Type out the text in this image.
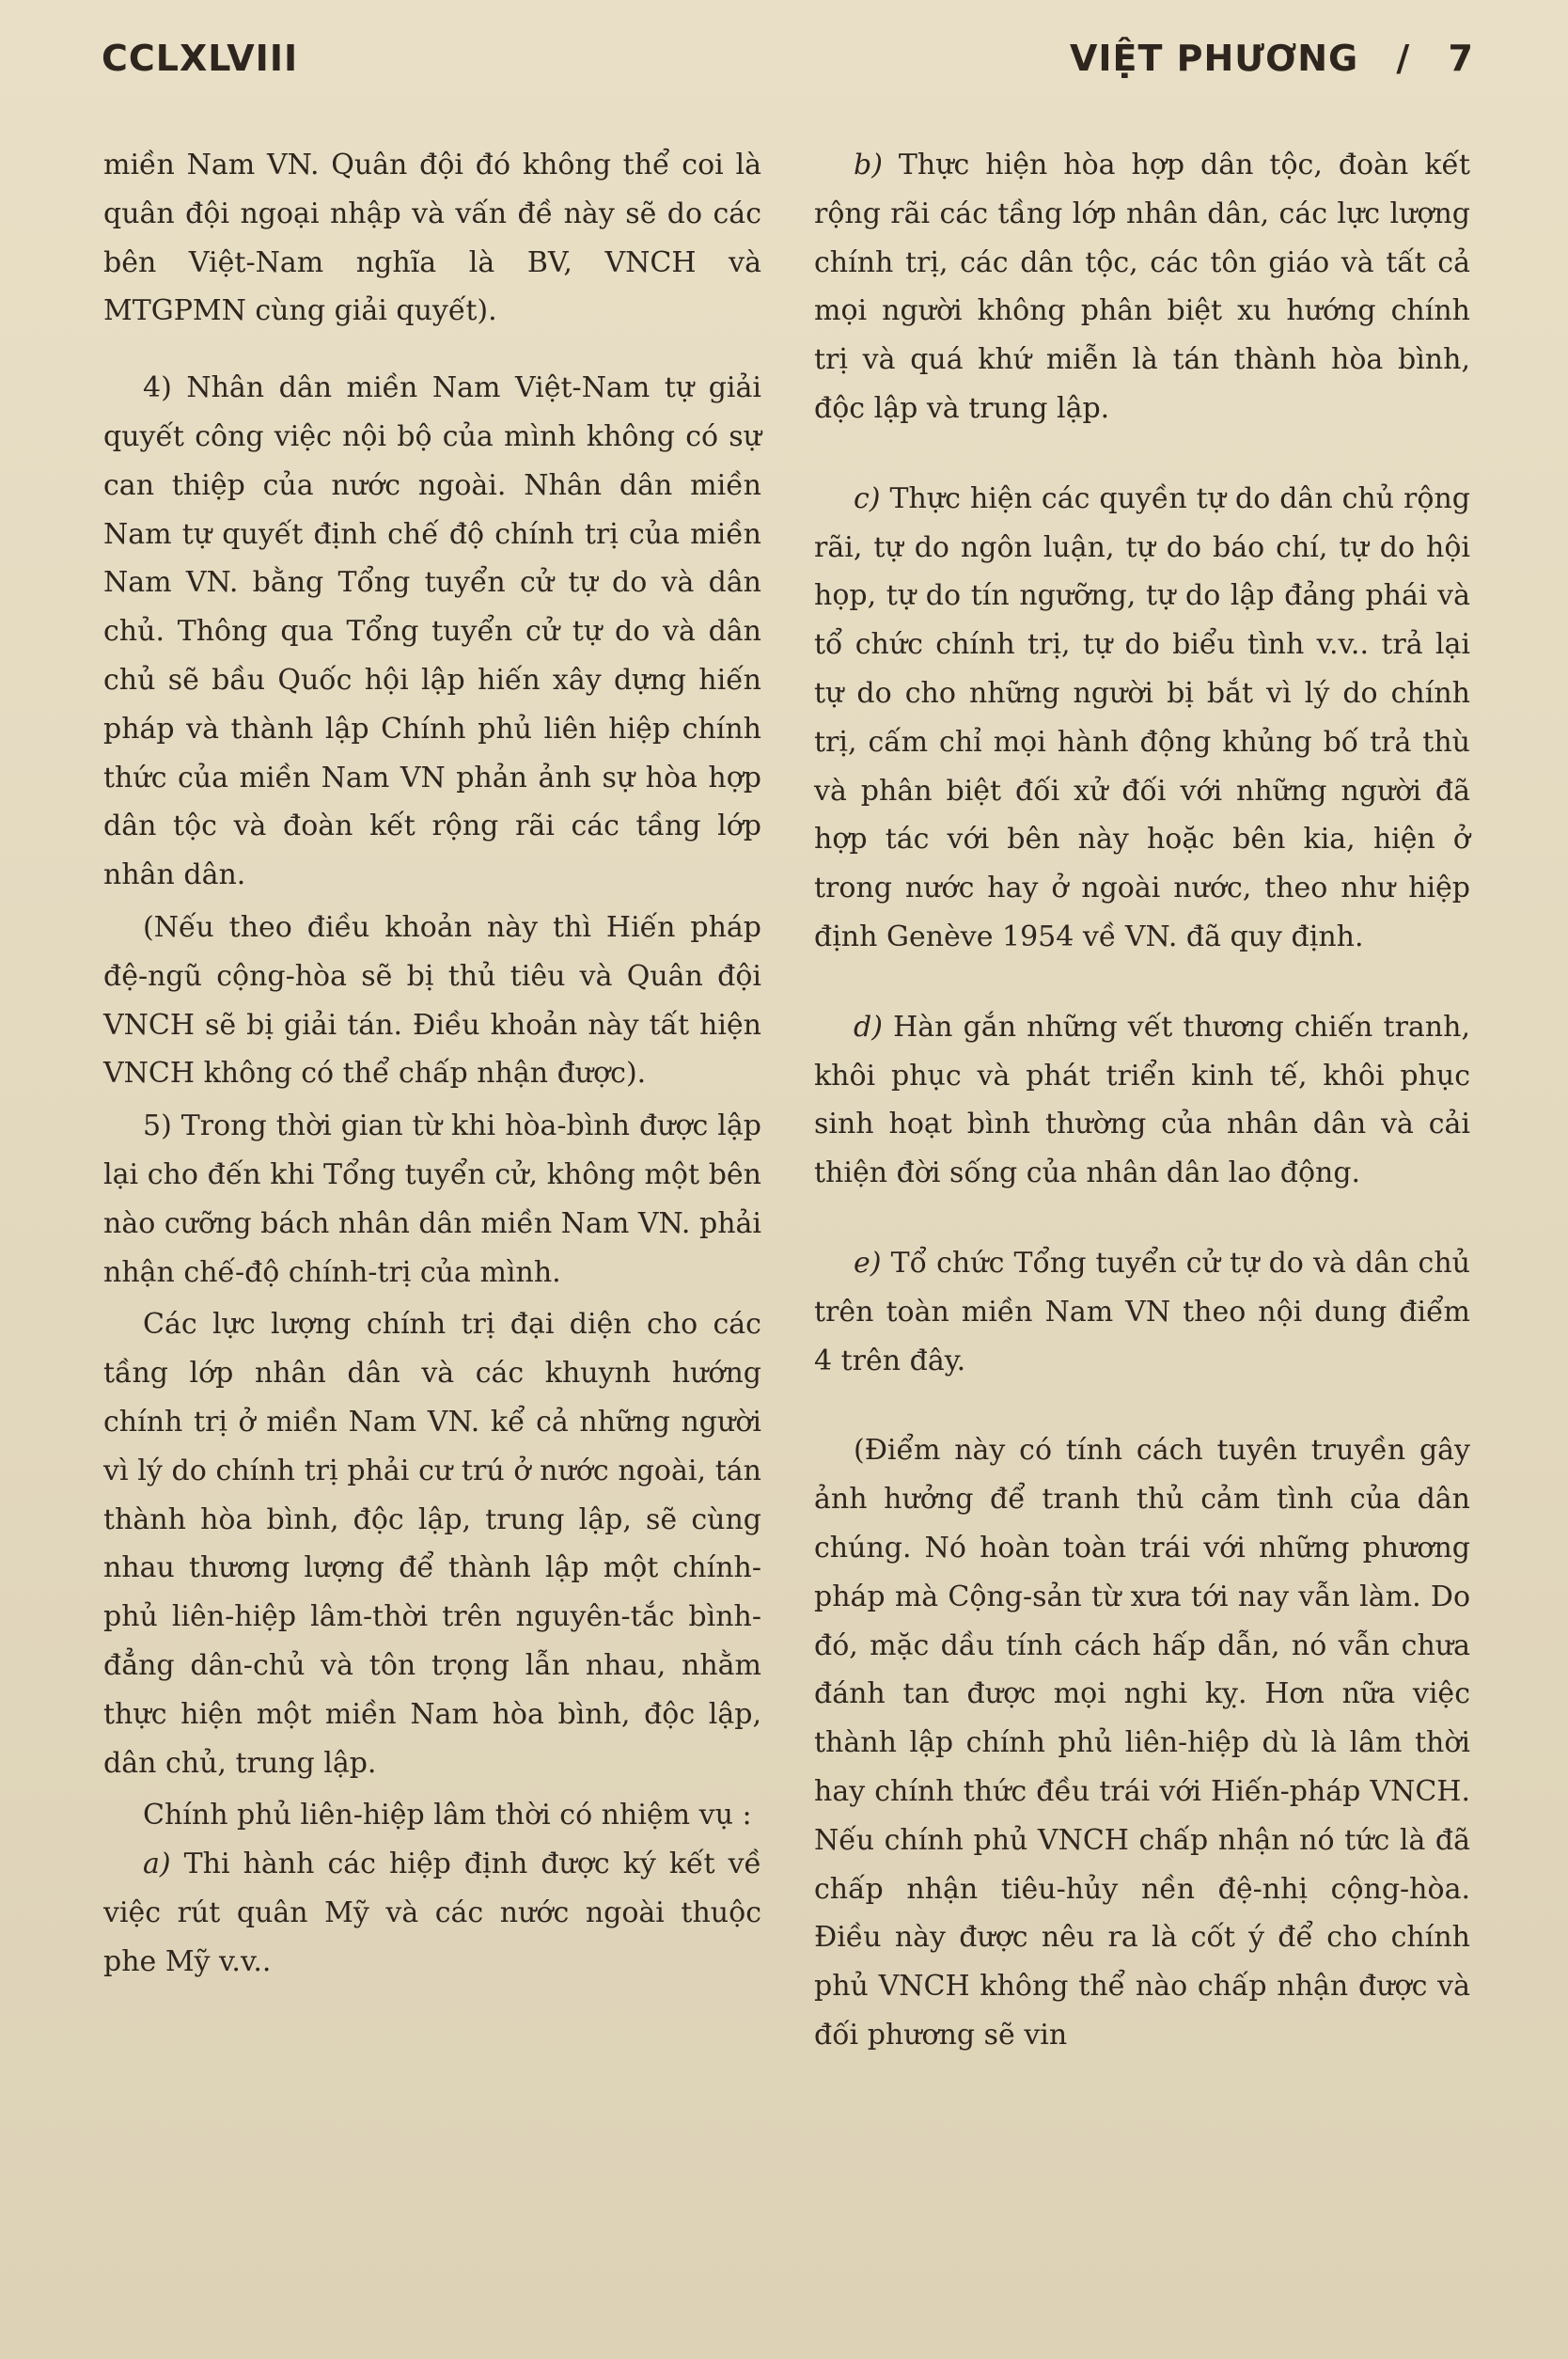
CCLXLVIII	VIỆT PHƯƠNG / 7

miền Nam VN. Quân đội đó không thể coi là quân đội ngoại nhập và vấn đề này sẽ do các bên Việt-Nam nghĩa là BV, VNCH và MTGPMN cùng giải quyết).

4) Nhân dân miền Nam Việt-Nam tự giải quyết công việc nội bộ của mình không có sự can thiệp của nước ngoài. Nhân dân miền Nam tự quyết định chế độ chính trị của miền Nam VN. bằng Tổng tuyển cử tự do và dân chủ. Thông qua Tổng tuyển cử tự do và dân chủ sẽ bầu Quốc hội lập hiến xây dựng hiến pháp và thành lập Chính phủ liên hiệp chính thức của miền Nam VN phản ảnh sự hòa hợp dân tộc và đoàn kết rộng rãi các tầng lớp nhân dân.

(Nếu theo điều khoản này thì Hiến pháp đệ-ngũ cộng-hòa sẽ bị thủ tiêu và Quân đội VNCH sẽ bị giải tán. Điều khoản này tất hiện VNCH không có thể chấp nhận được).

5) Trong thời gian từ khi hòa-bình được lập lại cho đến khi Tổng tuyển cử, không một bên nào cưỡng bách nhân dân miền Nam VN. phải nhận chế-độ chính-trị của mình.

Các lực lượng chính trị đại diện cho các tầng lớp nhân dân và các khuynh hướng chính trị ở miền Nam VN. kể cả những người vì lý do chính trị phải cư trú ở nước ngoài, tán thành hòa bình, độc lập, trung lập, sẽ cùng nhau thương lượng để thành lập một chính-phủ liên-hiệp lâm-thời trên nguyên-tắc bình-đẳng dân-chủ và tôn trọng lẫn nhau, nhằm thực hiện một miền Nam hòa bình, độc lập, dân chủ, trung lập.

Chính phủ liên-hiệp lâm thời có nhiệm vụ :

a) Thi hành các hiệp định được ký kết về việc rút quân Mỹ và các nước ngoài thuộc phe Mỹ v.v..

b) Thực hiện hòa hợp dân tộc, đoàn kết rộng rãi các tầng lớp nhân dân, các lực lượng chính trị, các dân tộc, các tôn giáo và tất cả mọi người không phân biệt xu hướng chính trị và quá khứ miễn là tán thành hòa bình, độc lập và trung lập.

c) Thực hiện các quyền tự do dân chủ rộng rãi, tự do ngôn luận, tự do báo chí, tự do hội họp, tự do tín ngưỡng, tự do lập đảng phái và tổ chức chính trị, tự do biểu tình v.v.. trả lại tự do cho những người bị bắt vì lý do chính trị, cấm chỉ mọi hành động khủng bố trả thù và phân biệt đối xử đối với những người đã hợp tác với bên này hoặc bên kia, hiện ở trong nước hay ở ngoài nước, theo như hiệp định Genève 1954 về VN. đã quy định.

d) Hàn gắn những vết thương chiến tranh, khôi phục và phát triển kinh tế, khôi phục sinh hoạt bình thường của nhân dân và cải thiện đời sống của nhân dân lao động.

e) Tổ chức Tổng tuyển cử tự do và dân chủ trên toàn miền Nam VN theo nội dung điểm 4 trên đây.

(Điểm này có tính cách tuyên truyền gây ảnh hưởng để tranh thủ cảm tình của dân chúng. Nó hoàn toàn trái với những phương pháp mà Cộng-sản từ xưa tới nay vẫn làm. Do đó, mặc dầu tính cách hấp dẫn, nó vẫn chưa đánh tan được mọi nghi kỵ. Hơn nữa việc thành lập chính phủ liên-hiệp dù là lâm thời hay chính thức đều trái với Hiến-pháp VNCH. Nếu chính phủ VNCH chấp nhận nó tức là đã chấp nhận tiêu-hủy nền đệ-nhị cộng-hòa. Điều này được nêu ra là cốt ý để cho chính phủ VNCH không thể nào chấp nhận được và đối phương sẽ vin
